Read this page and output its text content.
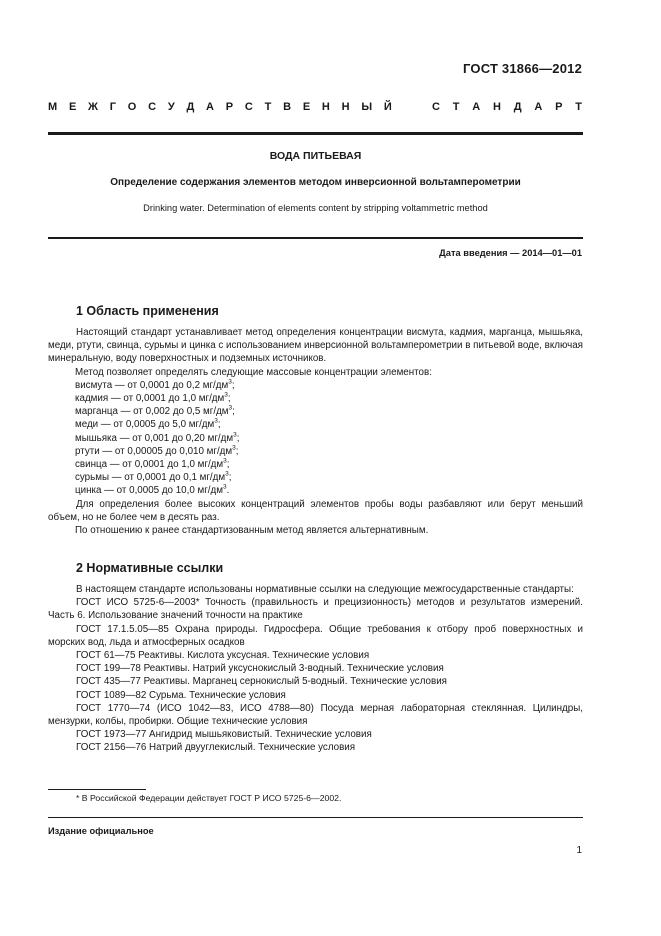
ГОСТ 31866—2012
М Е Ж Г О С У Д А Р С Т В Е Н Н Ы Й	С Т А Н Д А Р Т
ВОДА ПИТЬЕВАЯ
Определение содержания элементов методом инверсионной вольтамперометрии
Drinking water. Determination of elements content by stripping voltammetric method
Дата введения — 2014—01—01
1 Область применения

Настоящий стандарт устанавливает метод определения концентрации висмута, кадмия, марганца, мышьяка, меди, ртути, свинца, сурьмы и цинка с использованием инверсионной вольтамперометрии в питьевой воде, включая минеральную, воду поверхностных и подземных источников.

Метод позволяет определять следующие массовые концентрации элементов:

висмута — от 0,0001 до 0,2 $мг/дм^3$;

кадмия — от 0,0001 до 1,0 $мг/дм^3$;

марганца — от 0,002 до 0,5 $мг/дм^3$;

меди — от 0,0005 до 5,0 $мг/дм^3$;

мышьяка — от 0,001 до 0,20 $мг/дм^3$;

ртути — от 0,00005 до 0,010 $мг/дм^3$;

свинца — от 0,0001 до 1,0 $мг/дм^3$;

сурьмы — от 0,0001 до 0,1 $мг/дм^3$;

цинка — от 0,0005 до 10,0 $мг/дм^3$.

Для определения более высоких концентраций элементов пробы воды разбавляют или берут меньший объем, но не более чем в десять раз.

По отношению к ранее стандартизованным метод является альтернативным.

2 Нормативные ссылки

В настоящем стандарте использованы нормативные ссылки на следующие межгосударственные стандарты:

ГОСТ ИСО 5725-6—2003* Точность (правильность и прецизионность) методов и результатов измерений. Часть 6. Использование значений точности на практике

ГОСТ 17.1.5.05—85 Охрана природы. Гидросфера. Общие требования к отбору проб поверхностных и морских вод, льда и атмосферных осадков

ГОСТ 61—75 Реактивы. Кислота уксусная. Технические условия

ГОСТ 199—78 Реактивы. Натрий уксуснокислый 3-водный. Технические условия

ГОСТ 435—77 Реактивы. Марганец сернокислый 5-водный. Технические условия

ГОСТ 1089—82 Сурьма. Технические условия

ГОСТ 1770—74 (ИСО 1042—83, ИСО 4788—80) Посуда мерная лабораторная стеклянная. Цилиндры, мензурки, колбы, пробирки. Общие технические условия

ГОСТ 1973—77 Ангидрид мышьяковистый. Технические условия

ГОСТ 2156—76 Натрий двууглекислый. Технические условия

* В Российской Федерации действует ГОСТ Р ИСО 5725-6—2002.
Издание официальное
1
